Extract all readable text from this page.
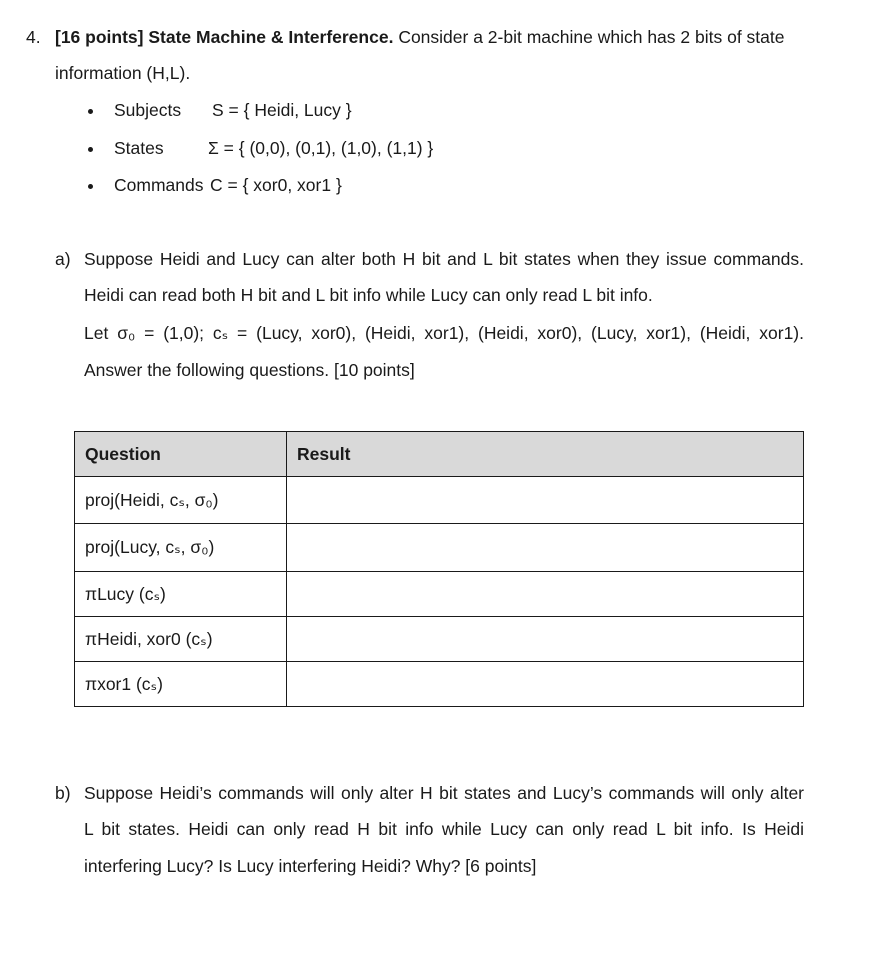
4. [16 points] State Machine & Interference. Consider a 2-bit machine which has 2 bits of state
information (H,L).
Subjects S = { Heidi, Lucy }
States	Σ = { (0,0), (0,1), (1,0), (1,1) }
Commands C = { xor0, xor1 }
a) Suppose Heidi and Lucy can alter both H bit and L bit states when they issue commands.
Heidi can read both H bit and L bit info while Lucy can only read L bit info.
Let σ₀ = (1,0); cₛ = (Lucy, xor0), (Heidi, xor1), (Heidi, xor0), (Lucy, xor1), (Heidi, xor1).
Answer the following questions. [10 points]
Question	Result
proj(Heidi, cₛ, σ₀)	
proj(Lucy, cₛ, σ₀)	
πLucy (cₛ)	
πHeidi, xor0 (cₛ)	
πxor1 (cₛ)	
b) Suppose Heidi’s commands will only alter H bit states and Lucy’s commands will only alter
L bit states. Heidi can only read H bit info while Lucy can only read L bit info. Is Heidi
interfering Lucy? Is Lucy interfering Heidi? Why? [6 points]
